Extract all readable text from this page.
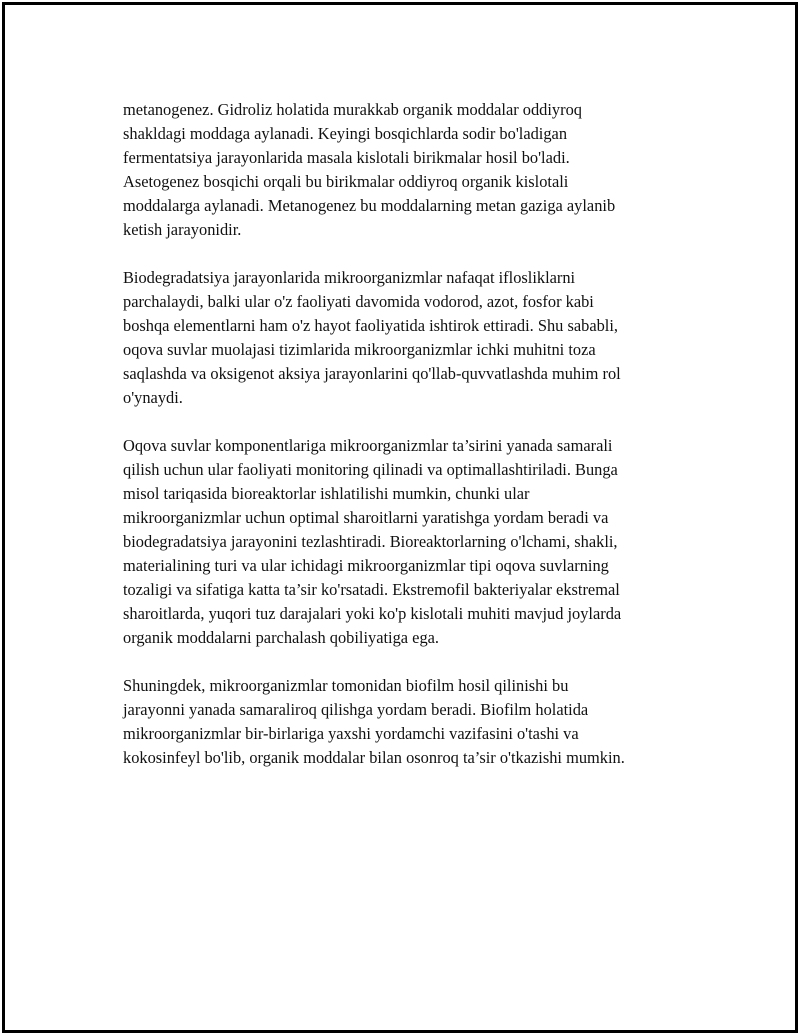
metanogenez. Gidroliz holatida murakkab organik moddalar oddiyroq
shakldagi moddaga aylanadi. Keyingi bosqichlarda sodir bo'ladigan
fermentatsiya jarayonlarida masala kislotali birikmalar hosil bo'ladi.
Asetogenez bosqichi orqali bu birikmalar oddiyroq organik kislotali
moddalarga aylanadi. Metanogenez bu moddalarning metan gaziga aylanib
ketish jarayonidir.

Biodegradatsiya jarayonlarida mikroorganizmlar nafaqat iflosliklarni
parchalaydi, balki ular o'z faoliyati davomida vodorod, azot, fosfor kabi
boshqa elementlarni ham o'z hayot faoliyatida ishtirok ettiradi. Shu sababli,
oqova suvlar muolajasi tizimlarida mikroorganizmlar ichki muhitni toza
saqlashda va oksigenot aksiya jarayonlarini qo'llab-quvvatlashda muhim rol
o'ynaydi.

Oqova suvlar komponentlariga mikroorganizmlar ta’sirini yanada samarali
qilish uchun ular faoliyati monitoring qilinadi va optimallashtiriladi. Bunga
misol tariqasida bioreaktorlar ishlatilishi mumkin, chunki ular
mikroorganizmlar uchun optimal sharoitlarni yaratishga yordam beradi va
biodegradatsiya jarayonini tezlashtiradi. Bioreaktorlarning o'lchami, shakli,
materialining turi va ular ichidagi mikroorganizmlar tipi oqova suvlarning
tozaligi va sifatiga katta ta’sir ko'rsatadi. Ekstremofil bakteriyalar ekstremal
sharoitlarda, yuqori tuz darajalari yoki ko'p kislotali muhiti mavjud joylarda
organik moddalarni parchalash qobiliyatiga ega.

Shuningdek, mikroorganizmlar tomonidan biofilm hosil qilinishi bu
jarayonni yanada samaraliroq qilishga yordam beradi. Biofilm holatida
mikroorganizmlar bir-birlariga yaxshi yordamchi vazifasini o'tashi va
kokosinfeyl bo'lib, organik moddalar bilan osonroq ta’sir o'tkazishi mumkin.
